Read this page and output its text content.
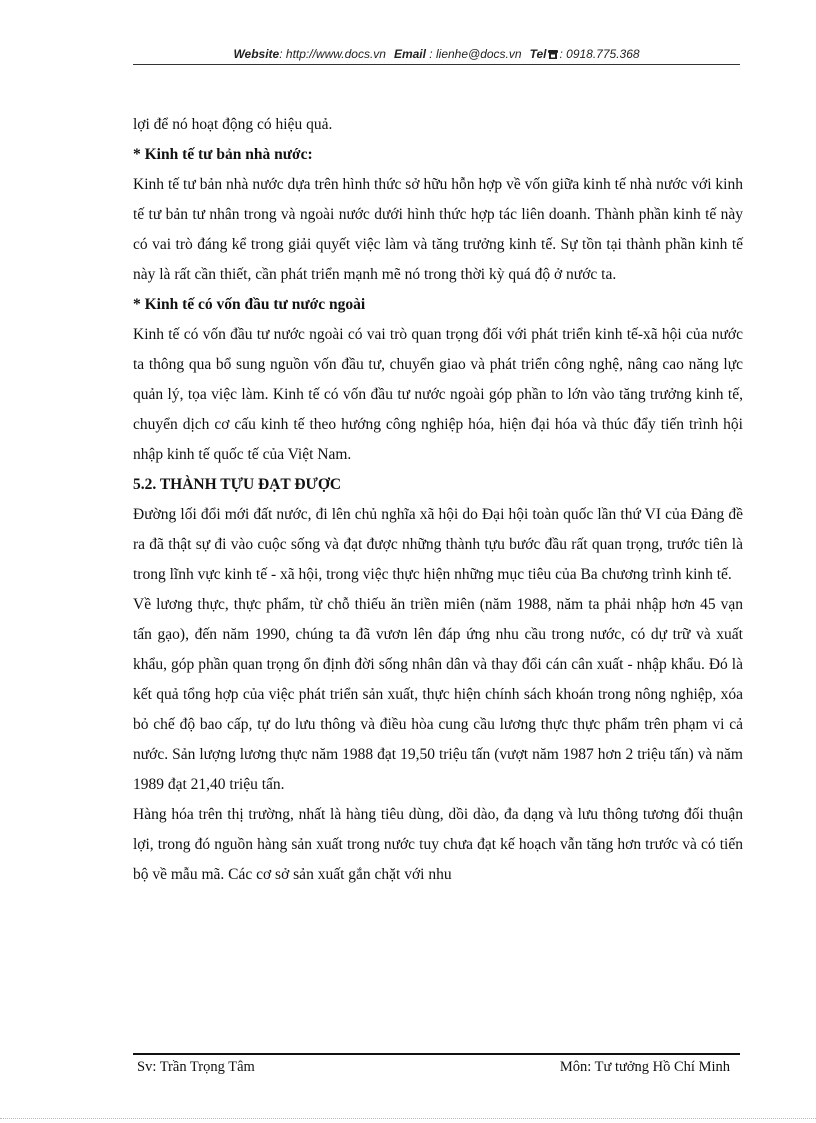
Website: http://www.docs.vn Email : lienhe@docs.vn Tel : 0918.775.368

lợi để nó hoạt động có hiệu quả.

* Kinh tế tư bản nhà nước:

Kinh tế tư bản nhà nước dựa trên hình thức sở hữu hỗn hợp về vốn giữa kinh tế nhà nước với kinh tế tư bản tư nhân trong và ngoài nước dưới hình thức hợp tác liên doanh. Thành phần kinh tế này có vai trò đáng kể trong giải quyết việc làm và tăng trưởng kinh tế. Sự tồn tại thành phần kinh tế này là rất cần thiết, cần phát triển mạnh mẽ nó trong thời kỳ quá độ ở nước ta.

* Kinh tế có vốn đầu tư nước ngoài

Kinh tế có vốn đầu tư nước ngoài có vai trò quan trọng đối với phát triển kinh tế-xã hội của nước ta thông qua bổ sung nguồn vốn đầu tư, chuyển giao và phát triển công nghệ, nâng cao năng lực quản lý, tọa việc làm. Kinh tế có vốn đầu tư nước ngoài góp phần to lớn vào tăng trưởng kinh tế, chuyển dịch cơ cấu kinh tế theo hướng công nghiệp hóa, hiện đại hóa và thúc đẩy tiến trình hội nhập kinh tế quốc tế của Việt Nam.

5.2. THÀNH TỰU ĐẠT ĐƯỢC

Đường lối đổi mới đất nước, đi lên chủ nghĩa xã hội do Đại hội toàn quốc lần thứ VI của Đảng đề ra đã thật sự đi vào cuộc sống và đạt được những thành tựu bước đầu rất quan trọng, trước tiên là trong lĩnh vực kinh tế - xã hội, trong việc thực hiện những mục tiêu của Ba chương trình kinh tế.

Về lương thực, thực phẩm, từ chỗ thiếu ăn triền miên (năm 1988, năm ta phải nhập hơn 45 vạn tấn gạo), đến năm 1990, chúng ta đã vươn lên đáp ứng nhu cầu trong nước, có dự trữ và xuất khẩu, góp phần quan trọng ổn định đời sống nhân dân và thay đổi cán cân xuất - nhập khẩu. Đó là kết quả tổng hợp của việc phát triển sản xuất, thực hiện chính sách khoán trong nông nghiệp, xóa bỏ chế độ bao cấp, tự do lưu thông và điều hòa cung cầu lương thực thực phẩm trên phạm vi cả nước. Sản lượng lương thực năm 1988 đạt 19,50 triệu tấn (vượt năm 1987 hơn 2 triệu tấn) và năm 1989 đạt 21,40 triệu tấn.

Hàng hóa trên thị trường, nhất là hàng tiêu dùng, dồi dào, đa dạng và lưu thông tương đối thuận lợi, trong đó nguồn hàng sản xuất trong nước tuy chưa đạt kế hoạch vẫn tăng hơn trước và có tiến bộ về mẫu mã. Các cơ sở sản xuất gắn chặt với nhu

Sv: Trần Trọng Tâm	Môn: Tư tưởng Hồ Chí Minh
